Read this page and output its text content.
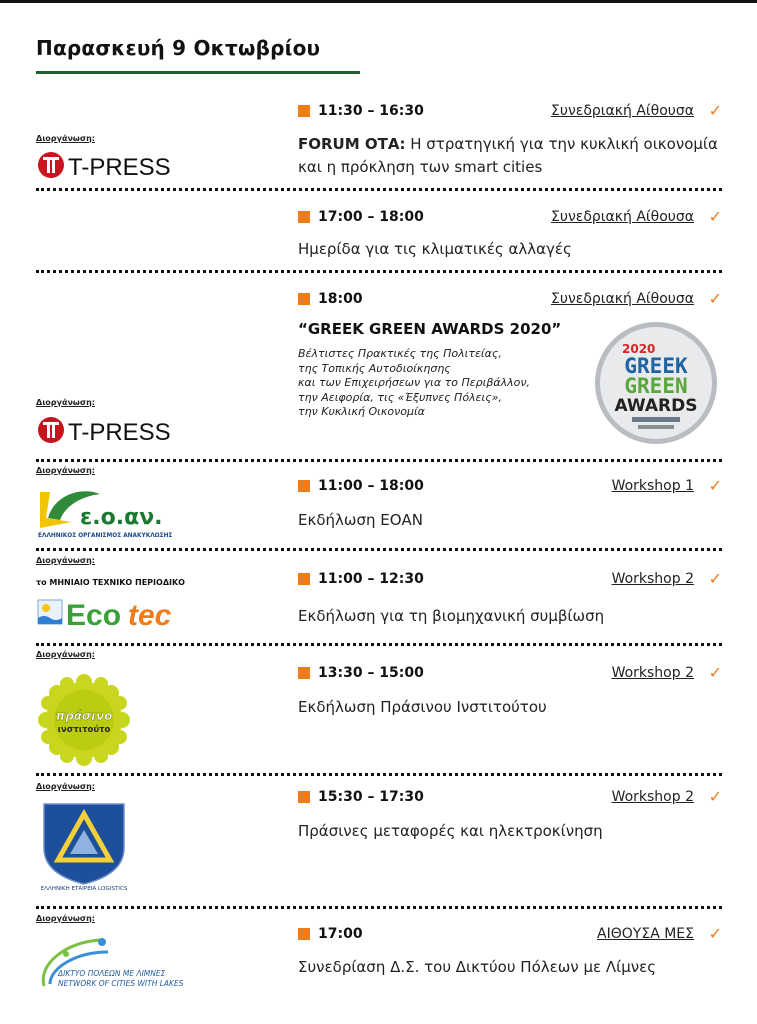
Παρασκευή 9 Οκτωβρίου
11:30 – 16:30	Συνεδριακή Αίθουσα ✓
FORUM ΟΤΑ: Η στρατηγική για την κυκλική οικονομία και η πρόκληση των smart cities
Διοργάνωση:
T-PRESS
17:00 – 18:00	Συνεδριακή Αίθουσα ✓
Ημερίδα για τις κλιματικές αλλαγές
18:00	Συνεδριακή Αίθουσα ✓
“GREEK GREEN AWARDS 2020”
Βέλτιστες Πρακτικές της Πολιτείας,
της Τοπικής Αυτοδιοίκησης
και των Επιχειρήσεων για το Περιβάλλον,
την Αειφορία, τις «Έξυπνες Πόλεις»,
την Κυκλική Οικονομία
2020
GREEK
GREEN
AWARDS
Διοργάνωση:
T-PRESS
Διοργάνωση:
11:00 – 18:00	Workshop 1 ✓
Εκδήλωση ΕΟΑΝ
ε.ο.αν.
ΕΛΛΗΝΙΚΟΣ ΟΡΓΑΝΙΣΜΟΣ ΑΝΑΚΥΚΛΩΣΗΣ
Διοργάνωση:
11:00 – 12:30	Workshop 2 ✓
το ΜΗΝΙΑΙΟ ΤΕΧΝΙΚΟ ΠΕΡΙΟΔΙΚΟ
Εκδήλωση για τη βιομηχανική συμβίωση
Eco tec
Διοργάνωση:
13:30 – 15:00	Workshop 2 ✓
Εκδήλωση Πράσινου Ινστιτούτου
πράσινο
ινστιτούτο
Διοργάνωση:
15:30 – 17:30	Workshop 2 ✓
Πράσινες μεταφορές και ηλεκτροκίνηση
ΕΛΛΗΝΙΚΗ ΕΤΑΙΡΕΙΑ LOGISTICS
Διοργάνωση:
17:00	ΑΙΘΟΥΣΑ ΜΕΣ ✓
Συνεδρίαση Δ.Σ. του Δικτύου Πόλεων με Λίμνες
ΔΙΚΤΥΟ ΠΟΛΕΩΝ ΜΕ ΛΙΜΝΕΣ
NETWORK OF CITIES WITH LAKES
